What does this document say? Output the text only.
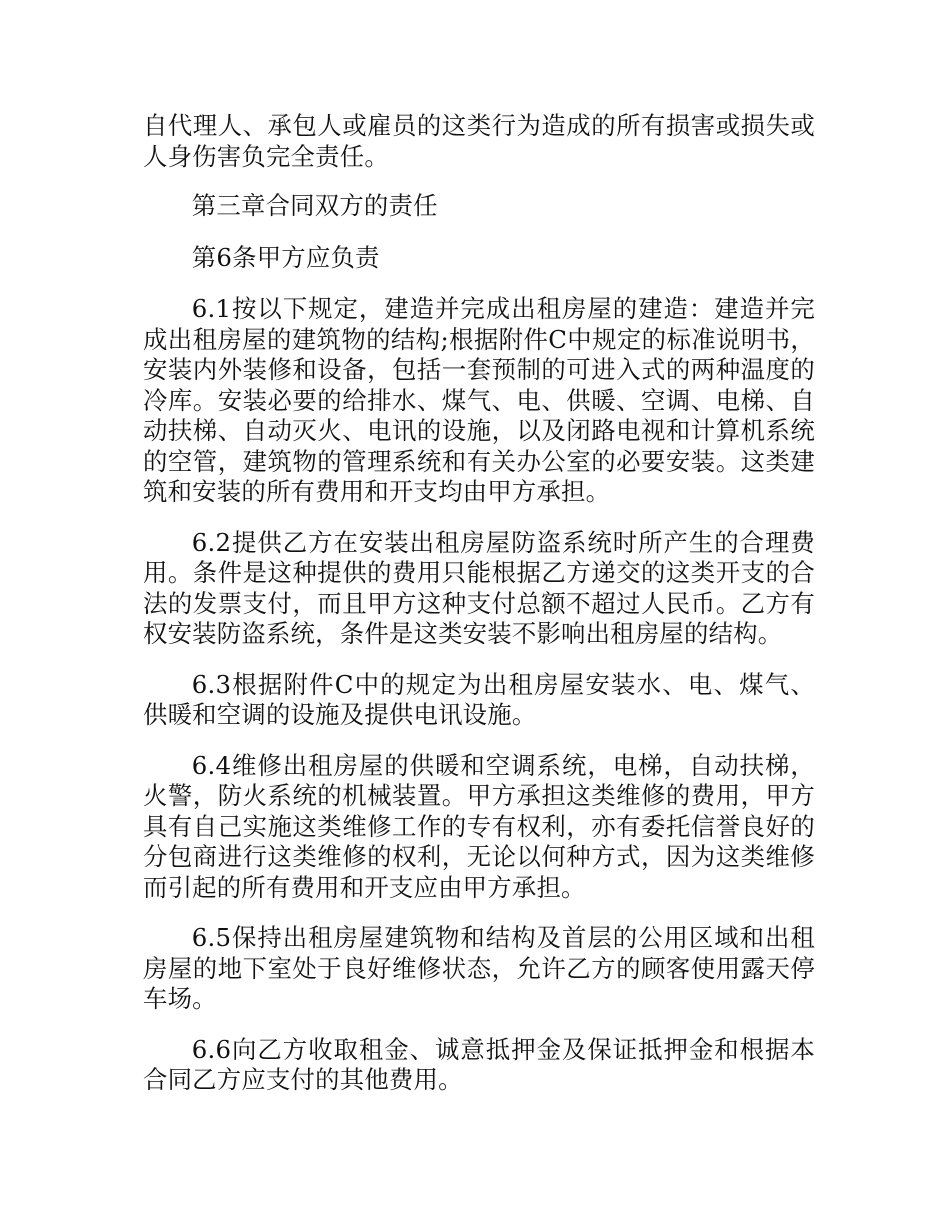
自代理人、承包人或雇员的这类行为造成的所有损害或损失或人身伤害负完全责任。

第三章合同双方的责任

第6条甲方应负责

6.1按以下规定，建造并完成出租房屋的建造：建造并完成出租房屋的建筑物的结构;根据附件C中规定的标准说明书，安装内外装修和设备，包括一套预制的可进入式的两种温度的冷库。安装必要的给排水、煤气、电、供暖、空调、电梯、自动扶梯、自动灭火、电讯的设施，以及闭路电视和计算机系统的空管，建筑物的管理系统和有关办公室的必要安装。这类建筑和安装的所有费用和开支均由甲方承担。

6.2提供乙方在安装出租房屋防盗系统时所产生的合理费用。条件是这种提供的费用只能根据乙方递交的这类开支的合法的发票支付，而且甲方这种支付总额不超过人民币。乙方有权安装防盗系统，条件是这类安装不影响出租房屋的结构。

6.3根据附件C中的规定为出租房屋安装水、电、煤气、供暖和空调的设施及提供电讯设施。

6.4维修出租房屋的供暖和空调系统，电梯，自动扶梯，火警，防火系统的机械装置。甲方承担这类维修的费用，甲方具有自己实施这类维修工作的专有权利，亦有委托信誉良好的分包商进行这类维修的权利，无论以何种方式，因为这类维修而引起的所有费用和开支应由甲方承担。

6.5保持出租房屋建筑物和结构及首层的公用区域和出租房屋的地下室处于良好维修状态，允许乙方的顾客使用露天停车场。

6.6向乙方收取租金、诚意抵押金及保证抵押金和根据本合同乙方应支付的其他费用。
